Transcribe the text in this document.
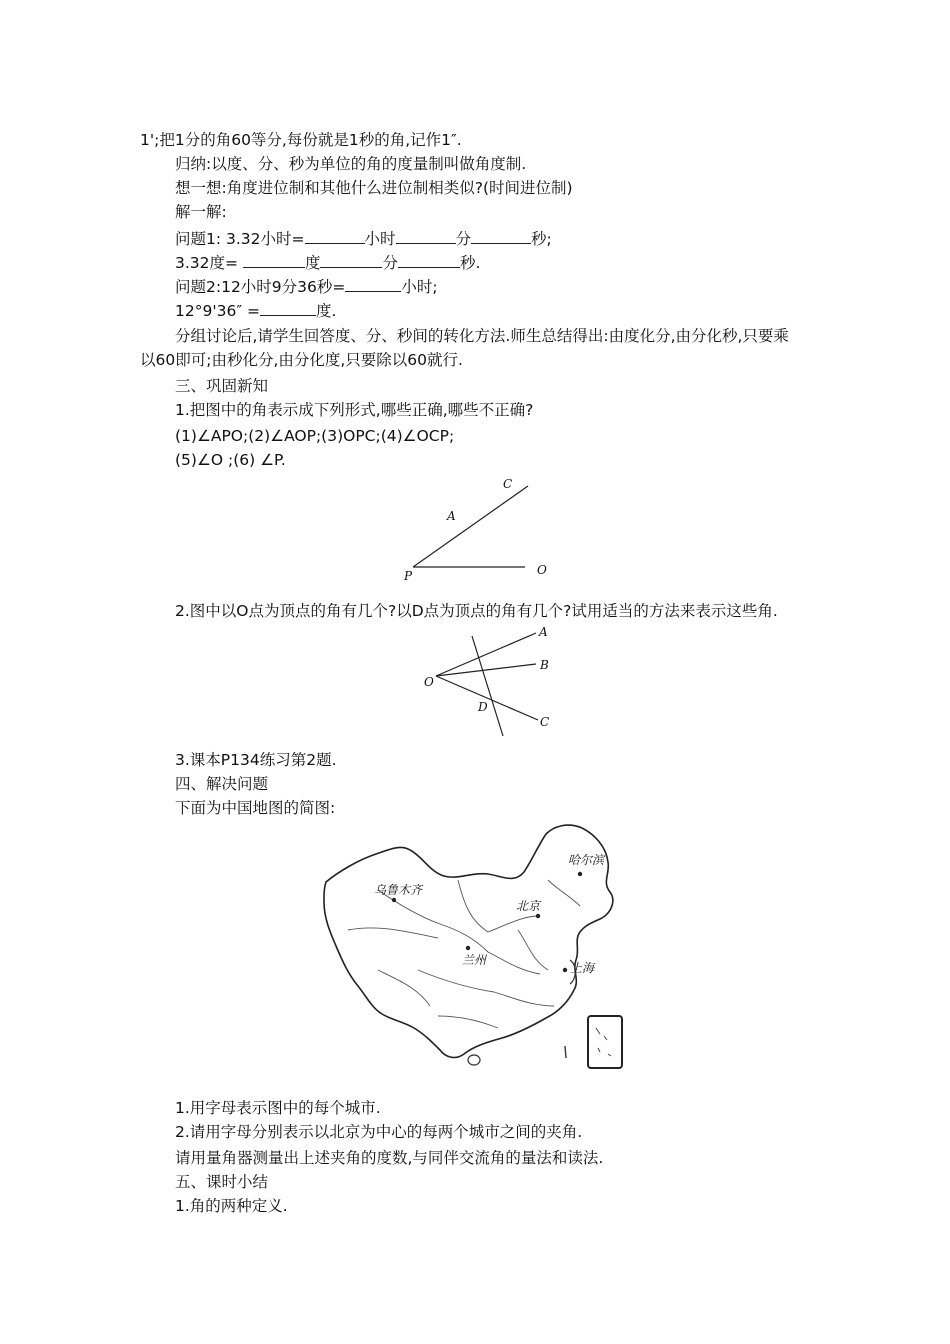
1';把1分的角60等分,每份就是1秒的角,记作1″.
归纳:以度、分、秒为单位的角的度量制叫做角度制.
想一想:角度进位制和其他什么进位制相类似?(时间进位制)
解一解:
问题1: 3.32小时=	小时	分	秒;
3.32度=	度	分	秒.
问题2:12小时9分36秒=	小时;
12°9'36″ =	度.
分组讨论后,请学生回答度、分、秒间的转化方法.师生总结得出:由度化分,由分化秒,只要乘
以60即可;由秒化分,由分化度,只要除以60就行.
三、巩固新知
1.把图中的角表示成下列形式,哪些正确,哪些不正确?
(1)∠APO;(2)∠AOP;(3)OPC;(4)∠OCP;
(5)∠O ;(6) ∠P.
C
A
P	O
2.图中以O点为顶点的角有几个?以D点为顶点的角有几个?试用适当的方法来表示这些角.
A
B
O
D
C
3.课本P134练习第2题.
四、解决问题
下面为中国地图的简图:
哈尔滨
乌鲁木齐
北京
兰州
上海
1.用字母表示图中的每个城市.
2.请用字母分别表示以北京为中心的每两个城市之间的夹角.
请用量角器测量出上述夹角的度数,与同伴交流角的量法和读法.
五、课时小结
1.角的两种定义.
